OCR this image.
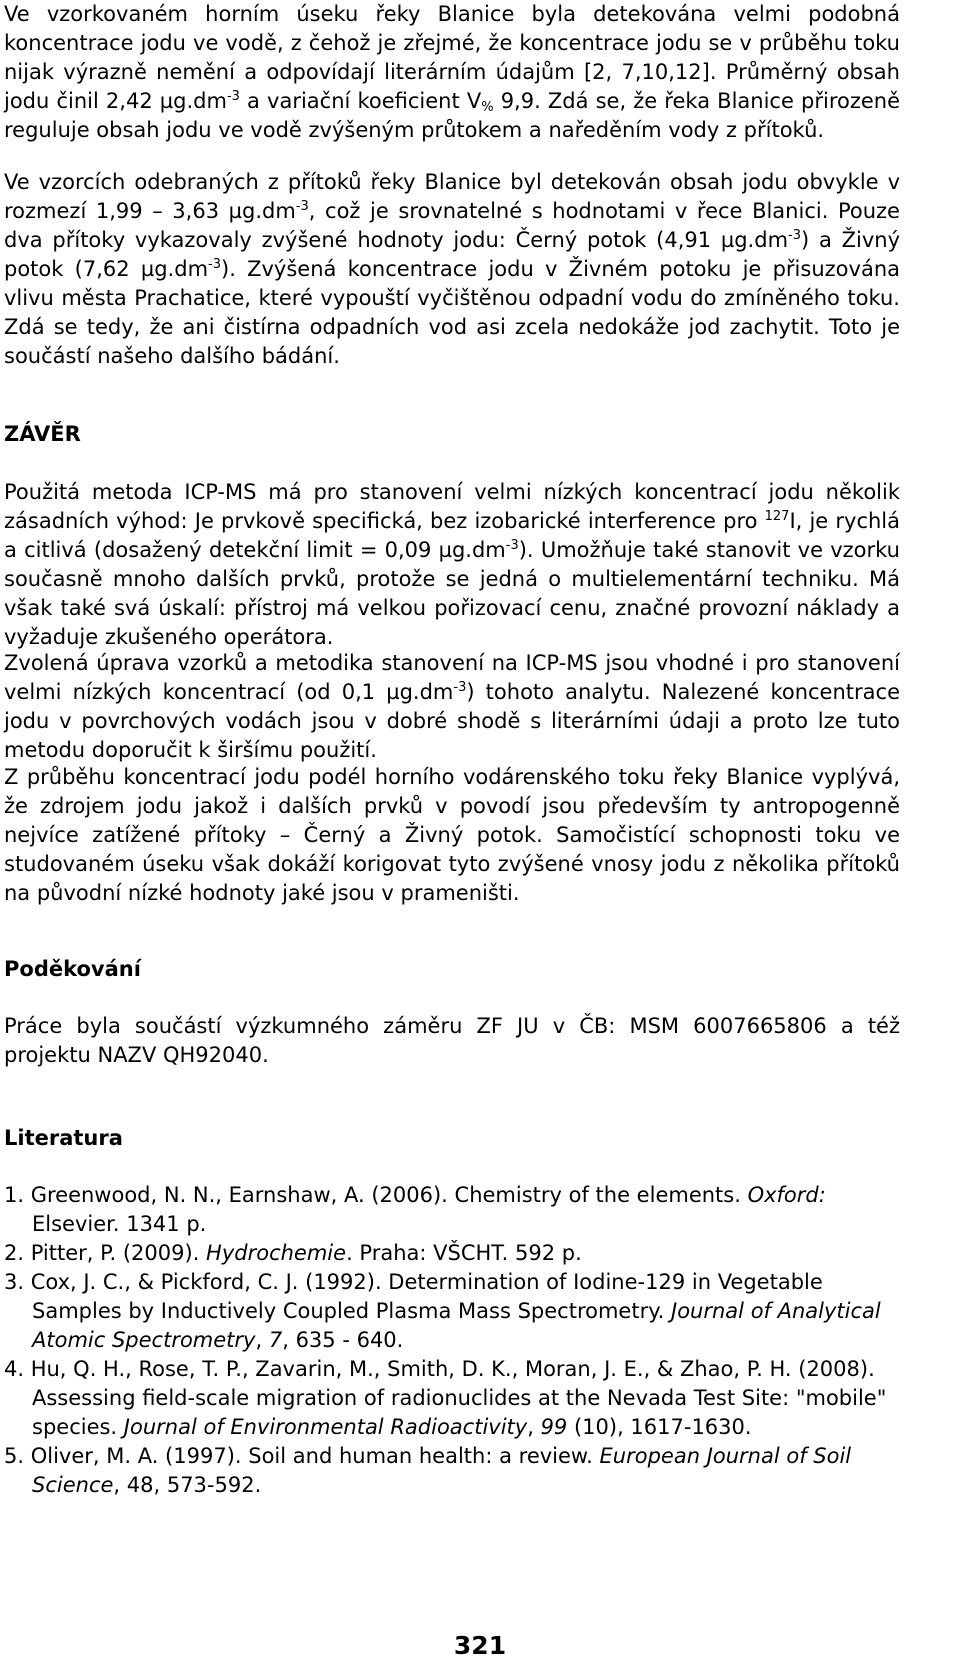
Ve vzorkovaném horním úseku řeky Blanice byla detekována velmi podobná koncentrace jodu ve vodě, z čehož je zřejmé, že koncentrace jodu se v průběhu toku nijak výrazně nemění a odpovídají literárním údajům [2, 7,10,12]. Průměrný obsah jodu činil 2,42 $\mu g.dm^{-3}$ a variační koeficient $V_{\%}$ 9,9. Zdá se, že řeka Blanice přirozeně reguluje obsah jodu ve vodě zvýšeným průtokem a naředěním vody z přítoků.

Ve vzorcích odebraných z přítoků řeky Blanice byl detekován obsah jodu obvykle v rozmezí 1,99 – 3,63 $\mu g.dm^{-3}$, což je srovnatelné s hodnotami v řece Blanici. Pouze dva přítoky vykazovaly zvýšené hodnoty jodu: Černý potok (4,91 $\mu g.dm^{-3}$) a Živný potok (7,62 $\mu g.dm^{-3}$). Zvýšená koncentrace jodu v Živném potoku je přisuzována vlivu města Prachatice, které vypouští vyčištěnou odpadní vodu do zmíněného toku. Zdá se tedy, že ani čistírna odpadních vod asi zcela nedokáže jod zachytit. Toto je součástí našeho dalšího bádání.

ZÁVĚR

Použitá metoda ICP-MS má pro stanovení velmi nízkých koncentrací jodu několik zásadních výhod: Je prvkově specifická, bez izobarické interference pro $^{127}$I, je rychlá a citlivá (dosažený detekční limit = 0,09 $\mu g.dm^{-3}$). Umožňuje také stanovit ve vzorku současně mnoho dalších prvků, protože se jedná o multielementární techniku. Má však také svá úskalí: přístroj má velkou pořizovací cenu, značné provozní náklady a vyžaduje zkušeného operátora.

Zvolená úprava vzorků a metodika stanovení na ICP-MS jsou vhodné i pro stanovení velmi nízkých koncentrací (od 0,1 $\mu g.dm^{-3}$) tohoto analytu. Nalezené koncentrace jodu v povrchových vodách jsou v dobré shodě s literárními údaji a proto lze tuto metodu doporučit k širšímu použití.

Z průběhu koncentrací jodu podél horního vodárenského toku řeky Blanice vyplývá, že zdrojem jodu jakož i dalších prvků v povodí jsou především ty antropogenně nejvíce zatížené přítoky – Černý a Živný potok. Samočistící schopnosti toku ve studovaném úseku však dokáží korigovat tyto zvýšené vnosy jodu z několika přítoků na původní nízké hodnoty jaké jsou v prameništi.

Poděkování

Práce byla součástí výzkumného záměru ZF JU v ČB: MSM 6007665806 a též projektu NAZV QH92040.

Literatura
1. Greenwood, N. N., Earnshaw, A. (2006). Chemistry of the elements. Oxford: Elsevier. 1341 p.
2. Pitter, P. (2009). Hydrochemie. Praha: VŠCHT. 592 p.
3. Cox, J. C., & Pickford, C. J. (1992). Determination of Iodine-129 in Vegetable Samples by Inductively Coupled Plasma Mass Spectrometry. Journal of Analytical Atomic Spectrometry, 7, 635 - 640.
4. Hu, Q. H., Rose, T. P., Zavarin, M., Smith, D. K., Moran, J. E., & Zhao, P. H. (2008). Assessing field-scale migration of radionuclides at the Nevada Test Site: "mobile" species. Journal of Environmental Radioactivity, 99 (10), 1617-1630.
5. Oliver, M. A. (1997). Soil and human health: a review. European Journal of Soil Science, 48, 573-592.
321
